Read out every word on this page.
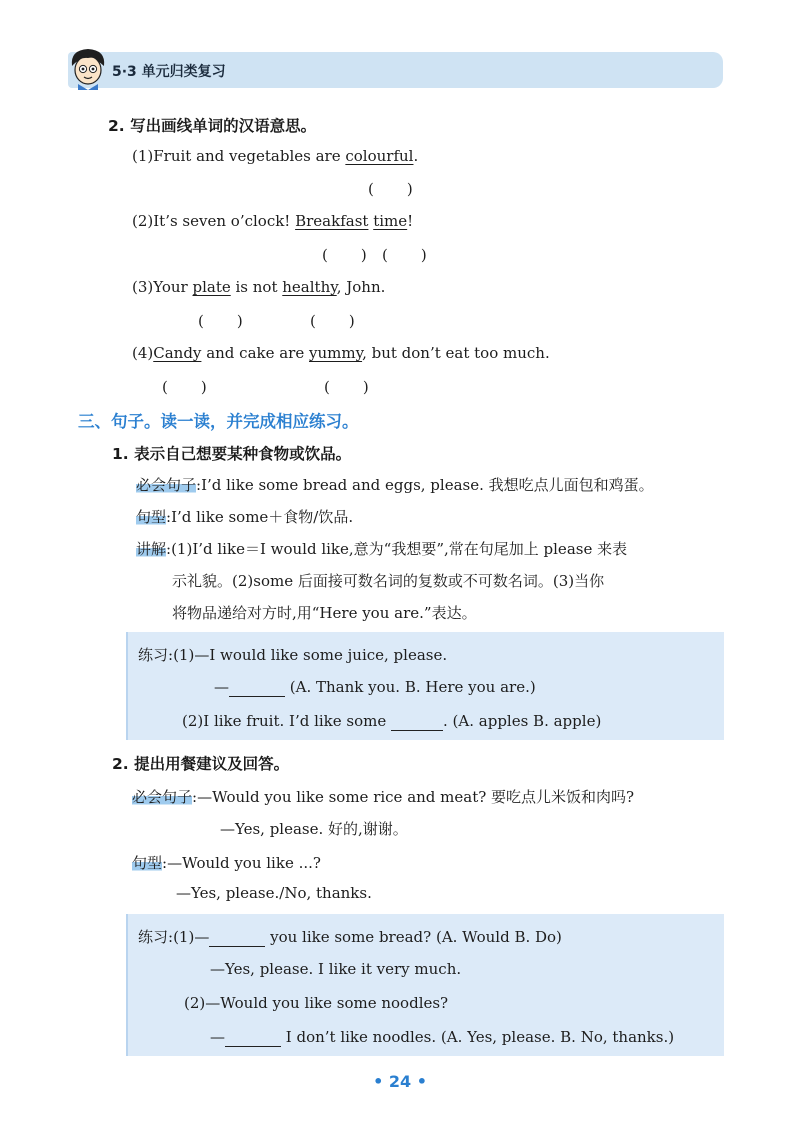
5·3 单元归类复习
2. 写出画线单词的汉语意思。
(1)Fruit and vegetables are colourful.
(　　)
(2)It’s seven o’clock! Breakfast time!
(　　) (　　)
(3)Your plate is not healthy, John.
(　　)	(　　)
(4)Candy and cake are yummy, but don’t eat too much.
(　　)	(　　)
三、句子。读一读，并完成相应练习。
1. 表示自己想要某种食物或饮品。
必会句子:I’d like some bread and eggs, please. 我想吃点儿面包和鸡蛋。
句型:I’d like some＋食物/饮品.
讲解:(1)I’d like＝I would like,意为“我想要”,常在句尾加上 please 来表
示礼貌。(2)some 后面接可数名词的复数或不可数名词。(3)当你
将物品递给对方时,用“Here you are.”表达。
练习:(1)—I would like some juice, please.
—	(A. Thank you. B. Here you are.)
(2)I like fruit. I’d like some	. (A. apples B. apple)
2. 提出用餐建议及回答。
必会句子:—Would you like some rice and meat? 要吃点儿米饭和肉吗?
—Yes, please. 好的,谢谢。
句型:—Would you like ...?
—Yes, please./No, thanks.
练习:(1)—	you like some bread? (A. Would B. Do)
—Yes, please. I like it very much.
(2)—Would you like some noodles?
—	I don’t like noodles. (A. Yes, please. B. No, thanks.)
• 24 •
